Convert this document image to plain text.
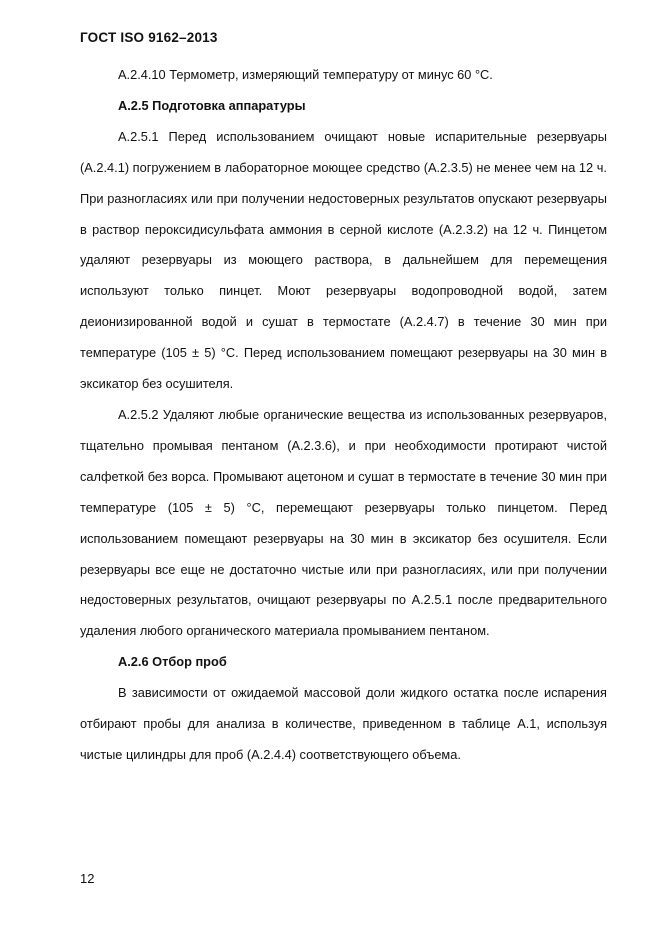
ГОСТ ISO 9162–2013

А.2.4.10 Термометр, измеряющий температуру от минус 60 °С.

А.2.5 Подготовка аппаратуры

А.2.5.1 Перед использованием очищают новые испарительные резервуары (А.2.4.1) погружением в лабораторное моющее средство (А.2.3.5) не менее чем на 12 ч. При разногласиях или при получении недостоверных результатов опускают резервуары в раствор пероксидисульфата аммония в серной кислоте (А.2.3.2) на 12 ч. Пинцетом удаляют резервуары из моющего раствора, в дальнейшем для перемещения используют только пинцет. Моют резервуары водопроводной водой, затем деионизированной водой и сушат в термостате (А.2.4.7) в течение 30 мин при температуре (105 ± 5) °С. Перед использованием помещают резервуары на 30 мин в эксикатор без осушителя.

А.2.5.2 Удаляют любые органические вещества из использованных резервуаров, тщательно промывая пентаном (А.2.3.6), и при необходимости протирают чистой салфеткой без ворса. Промывают ацетоном и сушат в термостате в течение 30 мин при температуре (105 ± 5) °С, перемещают резервуары только пинцетом. Перед использованием помещают резервуары на 30 мин в эксикатор без осушителя. Если резервуары все еще не достаточно чистые или при разногласиях, или при получении недостоверных результатов, очищают резервуары по А.2.5.1 после предварительного удаления любого органического материала промыванием пентаном.

А.2.6 Отбор проб

В зависимости от ожидаемой массовой доли жидкого остатка после испарения отбирают пробы для анализа в количестве, приведенном в таблице А.1, используя чистые цилиндры для проб (А.2.4.4) соответствующего объема.

12
